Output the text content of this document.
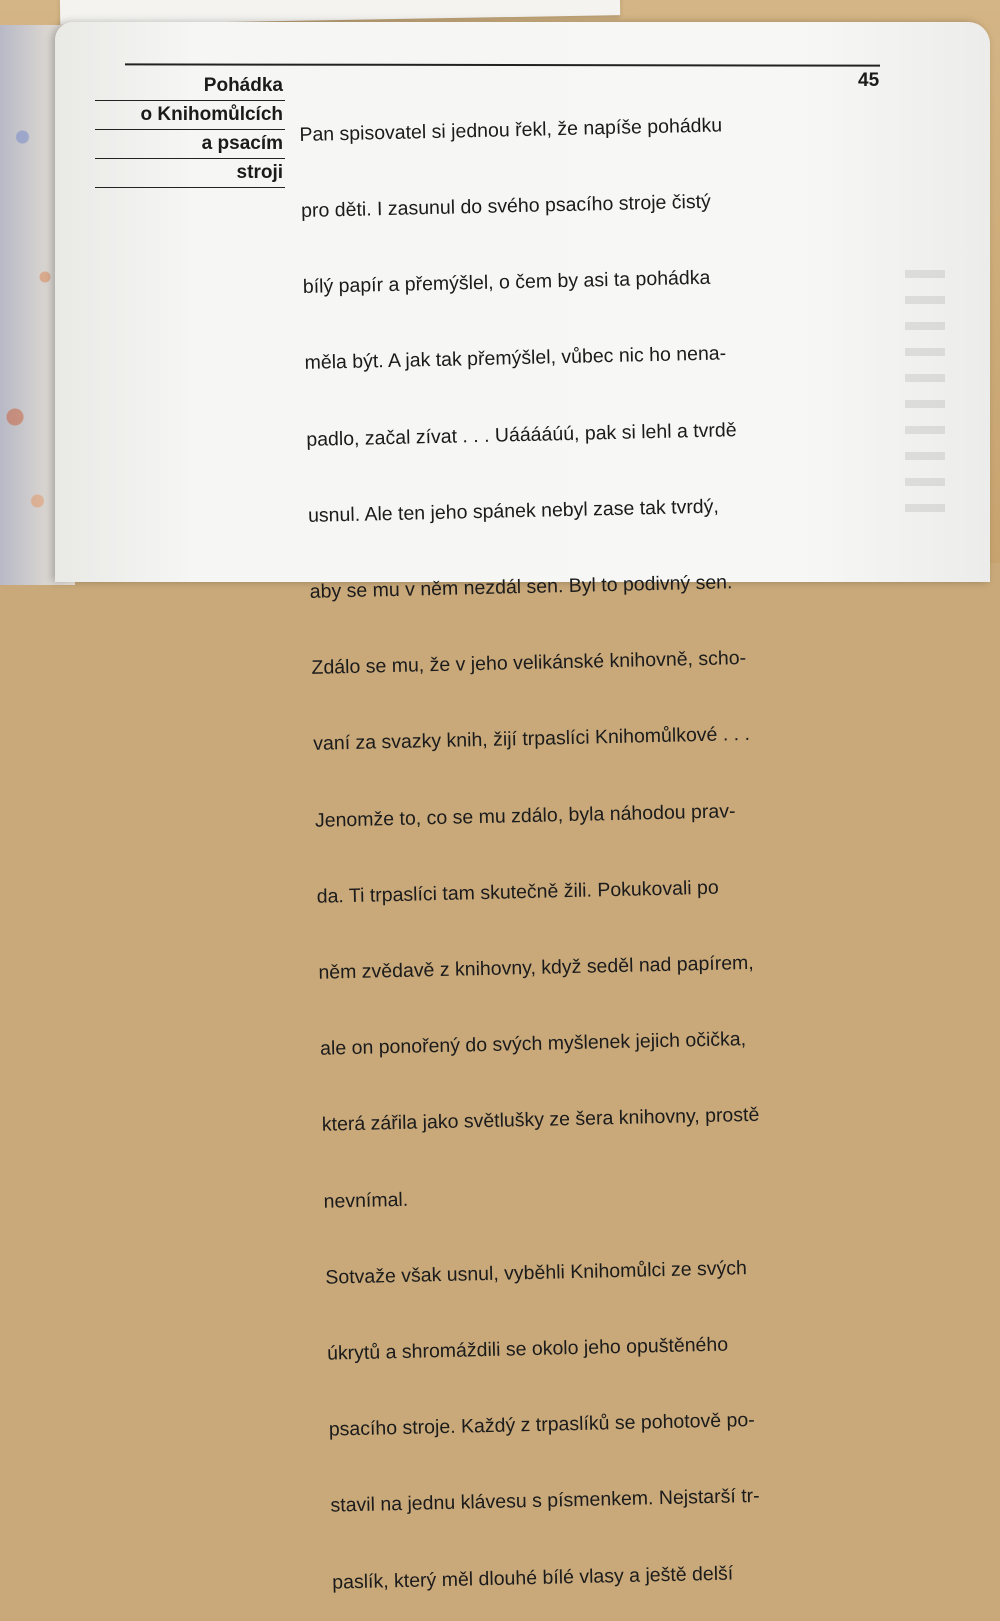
45
Pohádka
o Knihomůlcích
a psacím
stroji

Pan spisovatel si jednou řekl, že napíše pohádku

pro děti. I zasunul do svého psacího stroje čistý

bílý papír a přemýšlel, o čem by asi ta pohádka

měla být. A jak tak přemýšlel, vůbec nic ho nena-

padlo, začal zívat . . . Uááááúú, pak si lehl a tvrdě

usnul. Ale ten jeho spánek nebyl zase tak tvrdý,

aby se mu v něm nezdál sen. Byl to podivný sen.

Zdálo se mu, že v jeho velikánské knihovně, scho-

vaní za svazky knih, žijí trpaslíci Knihomůlkové . . .

Jenomže to, co se mu zdálo, byla náhodou prav-

da. Ti trpaslíci tam skutečně žili. Pokukovali po

něm zvědavě z knihovny, když seděl nad papírem,

ale on ponořený do svých myšlenek jejich očička,

která zářila jako světlušky ze šera knihovny, prostě

nevnímal.

Sotvaže však usnul, vyběhli Knihomůlci ze svých

úkrytů a shromáždili se okolo jeho opuštěného

psacího stroje. Každý z trpaslíků se pohotově po-

stavil na jednu klávesu s písmenkem. Nejstarší tr-

paslík, který měl dlouhé bílé vlasy a ještě delší
